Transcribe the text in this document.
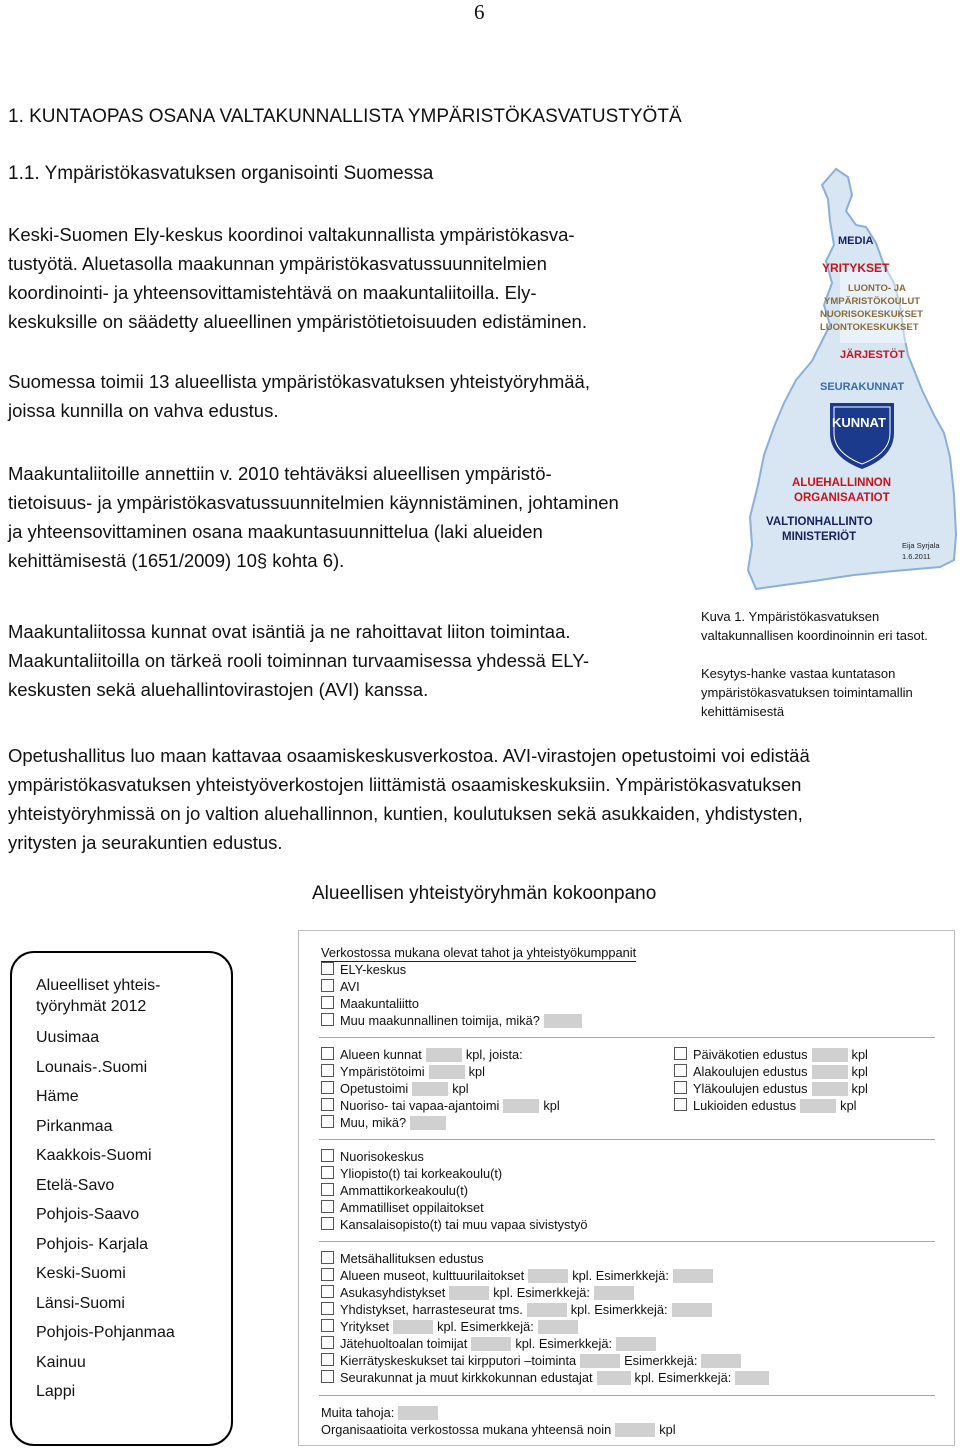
6
1. KUNTAOPAS OSANA VALTAKUNNALLISTA YMPÄRISTÖKASVATUSTYÖTÄ
1.1. Ympäristökasvatuksen organisointi Suomessa
Keski-Suomen Ely-keskus koordinoi valtakunnallista ympäristökasva-
tustyötä. Aluetasolla maakunnan ympäristökasvatussuunnitelmien
koordinointi- ja yhteensovittamistehtävä on maakuntaliitoilla. Ely-
keskuksille on säädetty alueellinen ympäristötietoisuuden edistäminen.
Suomessa toimii 13 alueellista ympäristökasvatuksen yhteistyöryhmää,
joissa kunnilla on vahva edustus.
Maakuntaliitoille annettiin v. 2010 tehtäväksi alueellisen ympäristö-
tietoisuus- ja ympäristökasvatussuunnitelmien käynnistäminen, johtaminen
ja yhteensovittaminen osana maakuntasuunnittelua (laki alueiden
kehittämisestä (1651/2009) 10§ kohta 6).
Maakuntaliitossa kunnat ovat isäntiä ja ne rahoittavat liiton toimintaa.
Maakuntaliitoilla on tärkeä rooli toiminnan turvaamisessa yhdessä ELY-
keskusten sekä aluehallintovirastojen (AVI) kanssa.
MEDIA
YRITYKSET
LUONTO- JA
YMPÄRISTÖKOULUT
NUORISOKESKUKSET
LUONTOKESKUKSET
JÄRJESTÖT
SEURAKUNNAT
KUNNAT
ALUEHALLINNON
ORGANISAATIOT
VALTIONHALLINTO
MINISTERIÖT
Eija Syrjala
1.6.2011
Kuva 1. Ympäristökasvatuksen
valtakunnallisen koordinoinnin eri tasot.
Kesytys-hanke vastaa kuntatason
ympäristökasvatuksen toimintamallin
kehittämisestä
Opetushallitus luo maan kattavaa osaamiskeskusverkostoa. AVI-virastojen opetustoimi voi edistää
ympäristökasvatuksen yhteistyöverkostojen liittämistä osaamiskeskuksiin. Ympäristökasvatuksen
yhteistyöryhmissä on jo valtion aluehallinnon, kuntien, koulutuksen sekä asukkaiden, yhdistysten,
yritysten ja seurakuntien edustus.
Alueellisen yhteistyöryhmän kokoonpano
Alueelliset yhteis-
työryhmät 2012
Uusimaa
Lounais-.Suomi
Häme
Pirkanmaa
Kaakkois-Suomi
Etelä-Savo
Pohjois-Saavo
Pohjois- Karjala
Keski-Suomi
Länsi-Suomi
Pohjois-Pohjanmaa
Kainuu
Lappi
Verkostossa mukana olevat tahot ja yhteistyökumppanit
ELY-keskus
AVI
Maakuntaliitto
Muu maakunnallinen toimija, mikä?
Alueen kunnat	kpl, joista:
Ympäristötoimi	kpl
Opetustoimi	kpl
Nuoriso- tai vapaa-ajantoimi	kpl
Muu, mikä?
Päiväkotien edustus	kpl
Alakoulujen edustus	kpl
Yläkoulujen edustus	kpl
Lukioiden edustus	kpl
Nuorisokeskus
Yliopisto(t) tai korkeakoulu(t)
Ammattikorkeakoulu(t)
Ammatilliset oppilaitokset
Kansalaisopisto(t) tai muu vapaa sivistystyö
Metsähallituksen edustus
Alueen museot, kulttuurilaitokset	kpl. Esimerkkejä:
Asukasyhdistykset	kpl. Esimerkkejä:
Yhdistykset, harrasteseurat tms.	kpl. Esimerkkejä:
Yritykset	kpl. Esimerkkejä:
Jätehuoltoalan toimijat	kpl. Esimerkkejä:
Kierrätyskeskukset tai kirpputori –toiminta	Esimerkkejä:
Seurakunnat ja muut kirkkokunnan edustajat	kpl. Esimerkkejä:
Muita tahoja:
Organisaatioita verkostossa mukana yhteensä noin	kpl
